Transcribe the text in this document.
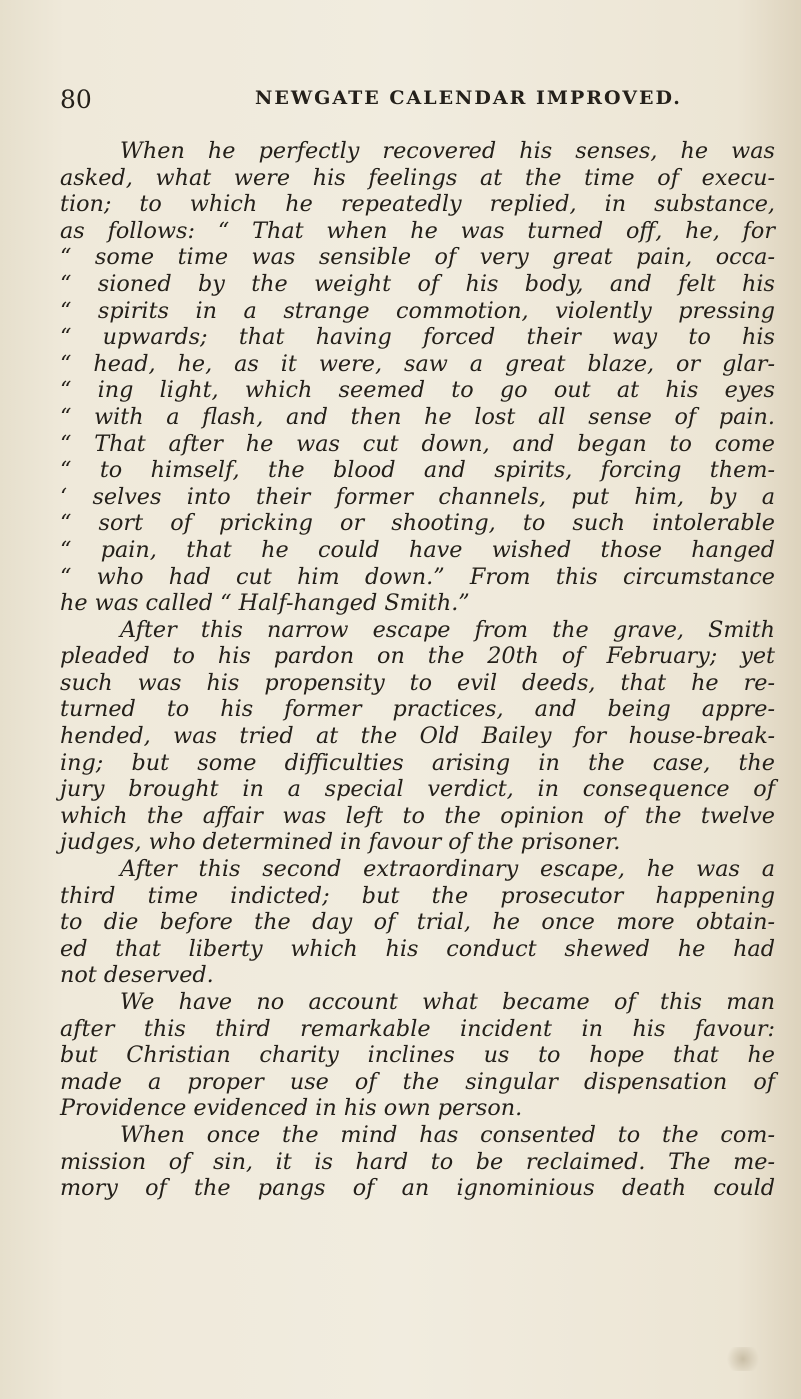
80	NEWGATE CALENDAR IMPROVED.
When he perfectly recovered his senses, he was
asked, what were his feelings at the time of execu-
tion; to which he repeatedly replied, in substance,
as follows: “ That when he was turned off, he, for
“ some time was sensible of very great pain, occa-
“ sioned by the weight of his body, and felt his
“ spirits in a strange commotion, violently pressing
“ upwards; that having forced their way to his
“ head, he, as it were, saw a great blaze, or glar-
“ ing light, which seemed to go out at his eyes
“ with a flash, and then he lost all sense of pain.
“ That after he was cut down, and began to come
“ to himself, the blood and spirits, forcing them-
‘ selves into their former channels, put him, by a
“ sort of pricking or shooting, to such intolerable
“ pain, that he could have wished those hanged
“ who had cut him down.” From this circumstance
he was called “ Half-hanged Smith.”
After this narrow escape from the grave, Smith
pleaded to his pardon on the 20th of February; yet
such was his propensity to evil deeds, that he re-
turned to his former practices, and being appre-
hended, was tried at the Old Bailey for house-break-
ing; but some difficulties arising in the case, the
jury brought in a special verdict, in consequence of
which the affair was left to the opinion of the twelve
judges, who determined in favour of the prisoner.
After this second extraordinary escape, he was a
third time indicted; but the prosecutor happening
to die before the day of trial, he once more obtain-
ed that liberty which his conduct shewed he had
not deserved.
We have no account what became of this man
after this third remarkable incident in his favour:
but Christian charity inclines us to hope that he
made a proper use of the singular dispensation of
Providence evidenced in his own person.
When once the mind has consented to the com-
mission of sin, it is hard to be reclaimed. The me-
mory of the pangs of an ignominious death could
